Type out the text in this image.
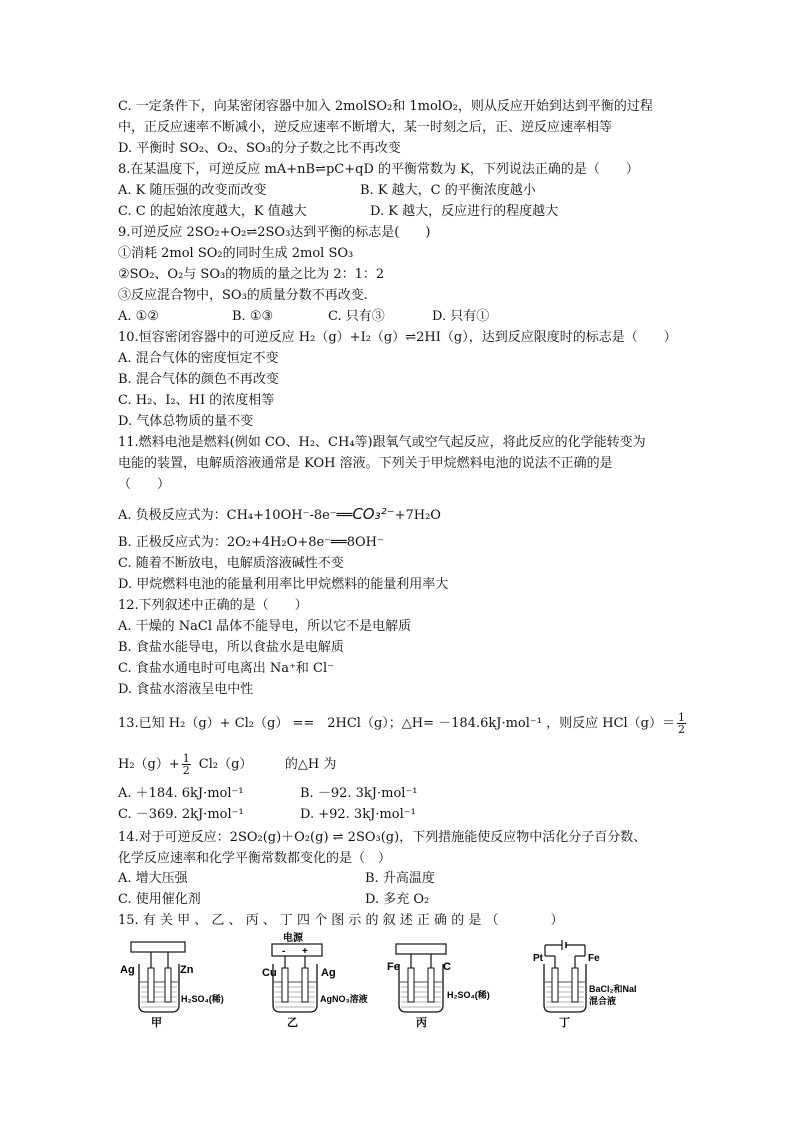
C. 一定条件下，向某密闭容器中加入 2molSO₂和 1molO₂，则从反应开始到达到平衡的过程
中，正反应速率不断减小，逆反应速率不断增大，某一时刻之后，正、逆反应速率相等
D. 平衡时 SO₂、O₂、SO₃的分子数之比不再改变
8.在某温度下，可逆反应 mA+nB⇌pC+qD 的平衡常数为 K，下列说法正确的是（　　）
A. K 随压强的改变而改变	B. K 越大，C 的平衡浓度越小
C. C 的起始浓度越大，K 值越大	D. K 越大，反应进行的程度越大
9.可逆反应 2SO₂+O₂⇌2SO₃达到平衡的标志是(　　)
①消耗 2mol SO₂的同时生成 2mol SO₃
②SO₂、O₂与 SO₃的物质的量之比为 2：1：2
③反应混合物中，SO₃的质量分数不再改变.
A. ①②	B. ①③	C. 只有③	D. 只有①
10.恒容密闭容器中的可逆反应 H₂（g）+I₂（g）⇌2HI（g），达到反应限度时的标志是（　　）
A. 混合气体的密度恒定不变
B. 混合气体的颜色不再改变
C. H₂、I₂、HI 的浓度相等
D. 气体总物质的量不变
11.燃料电池是燃料(例如 CO、H₂、CH₄等)跟氧气或空气起反应，将此反应的化学能转变为
电能的装置，电解质溶液通常是 KOH 溶液。下列关于甲烷燃料电池的说法不正确的是
（　　）
A. 负极反应式为：CH₄+10OH⁻-8e⁻══CO₃²⁻+7H₂O
B. 正极反应式为：2O₂+4H₂O+8e⁻══8OH⁻
C. 随着不断放电，电解质溶液碱性不变
D. 甲烷燃料电池的能量利用率比甲烷燃料的能量利用率大
12.下列叙述中正确的是（　　）
A. 干燥的 NaCl 晶体不能导电，所以它不是电解质
B. 食盐水能导电，所以食盐水是电解质
C. 食盐水通电时可电离出 Na⁺和 Cl⁻
D. 食盐水溶液呈电中性
13.已知 H₂（g）+ Cl₂（g） ==　2HCl（g）；△H= －184.6kJ·mol⁻¹ ，则反应 $HCl(g)= \frac{1}{2}$
$H_2(g)+ \frac{1}{2} Cl_2(g)$　　　的△H 为
A. ＋184. 6kJ·mol⁻¹	B. －92. 3kJ·mol⁻¹
C. －369. 2kJ·mol⁻¹	D. +92. 3kJ·mol⁻¹
14.对于可逆反应：2SO₂(g)＋O₂(g) ⇌ 2SO₃(g)，下列措施能使反应物中活化分子百分数、
化学反应速率和化学平衡常数都变化的是（　）
A. 增大压强	B. 升高温度
C. 使用催化剂	D. 多充 O₂
15. 有 关 甲 、 乙 、 丙 、 丁 四 个 图 示 的 叙 述 正 确 的 是 （　　　　）
Ag	Zn
H₂SO₄(稀)
甲
电源
- +
Cu	Ag
AgNO₃溶液
乙
Fe	C
H₂SO₄(稀)
丙
Pt	Fe
BaCl₂和NaI
混合液
丁
